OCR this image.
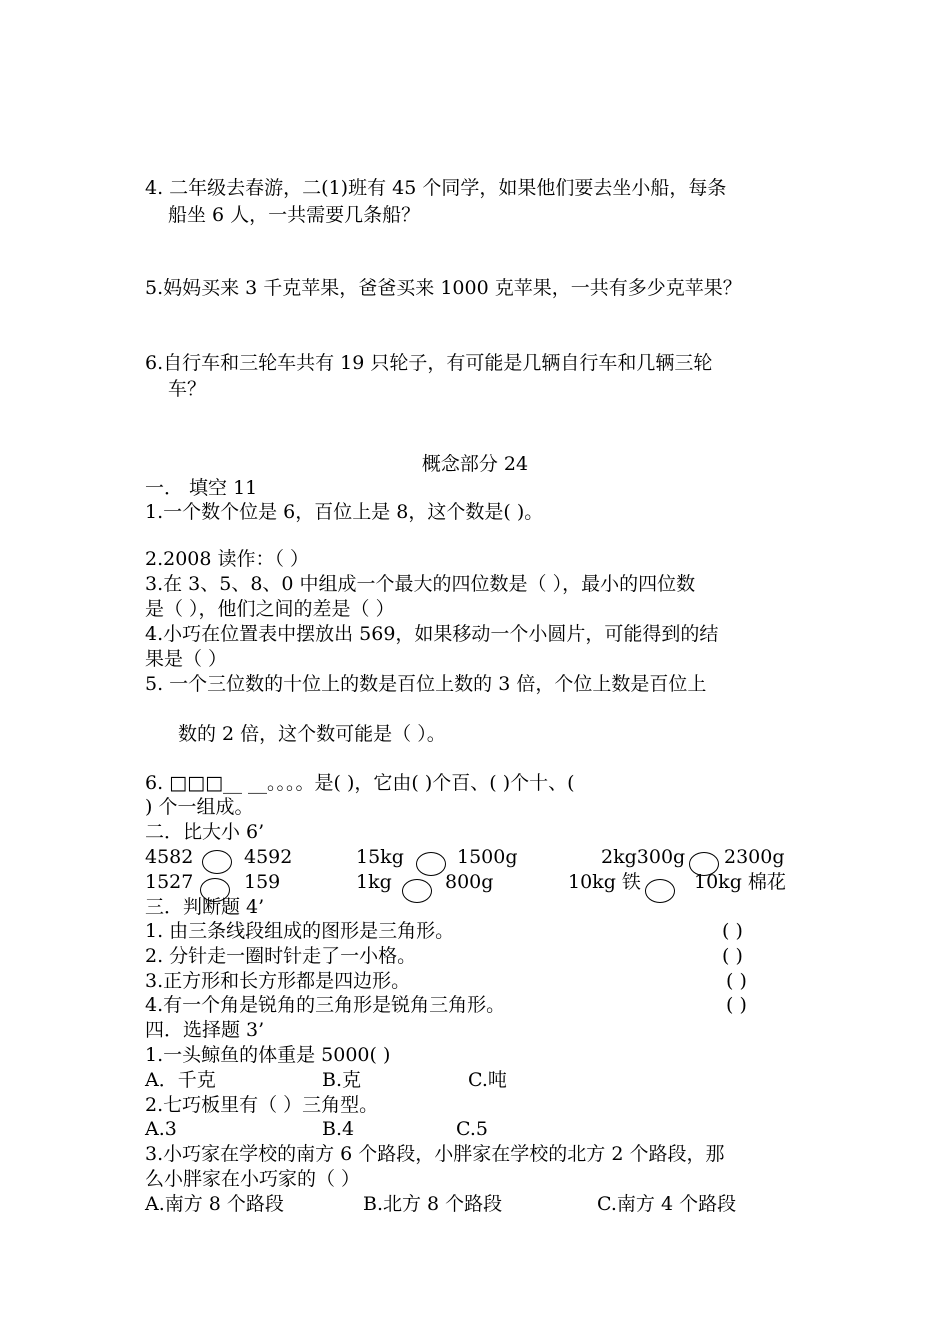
4. 二年级去春游，二(1)班有 45 个同学，如果他们要去坐小船，每条
船坐 6 人，一共需要几条船？
5.妈妈买来 3 千克苹果，爸爸买来 1000 克苹果，一共有多少克苹果？
6.自行车和三轮车共有 19 只轮子，有可能是几辆自行车和几辆三轮
车？
概念部分 24
一． 填空 11
1.一个数个位是 6，百位上是 8，这个数是( )。
2.2008 读作：（ ）
3.在 3、5、8、0 中组成一个最大的四位数是（ ），最小的四位数
是（ ），他们之间的差是（ ）
4.小巧在位置表中摆放出 569，如果移动一个小圆片，可能得到的结
果是（ ）
5. 一个三位数的十位上的数是百位上数的 3 倍，个位上数是百位上
数的 2 倍，这个数可能是（ ）。
6. □□□__ __。。。。是( )，它由( )个百、( )个十、(
) 个一组成。
二．比大小 6’
4582	4592	15kg	1500g	2kg300g 2300g
1527	159	1kg	800g	10kg 铁	10kg 棉花
三．判断题 4’
1. 由三条线段组成的图形是三角形。	( )
2. 分针走一圈时针走了一小格。	( )
3.正方形和长方形都是四边形。	( )
4.有一个角是锐角的三角形是锐角三角形。	( )
四．选择题 3’
1.一头鲸鱼的体重是 5000( )
A．千克	B.克	C.吨
2.七巧板里有（ ）三角型。
A.3	B.4	C.5
3.小巧家在学校的南方 6 个路段，小胖家在学校的北方 2 个路段，那
么小胖家在小巧家的（ ）
A.南方 8 个路段	B.北方 8 个路段	C.南方 4 个路段
